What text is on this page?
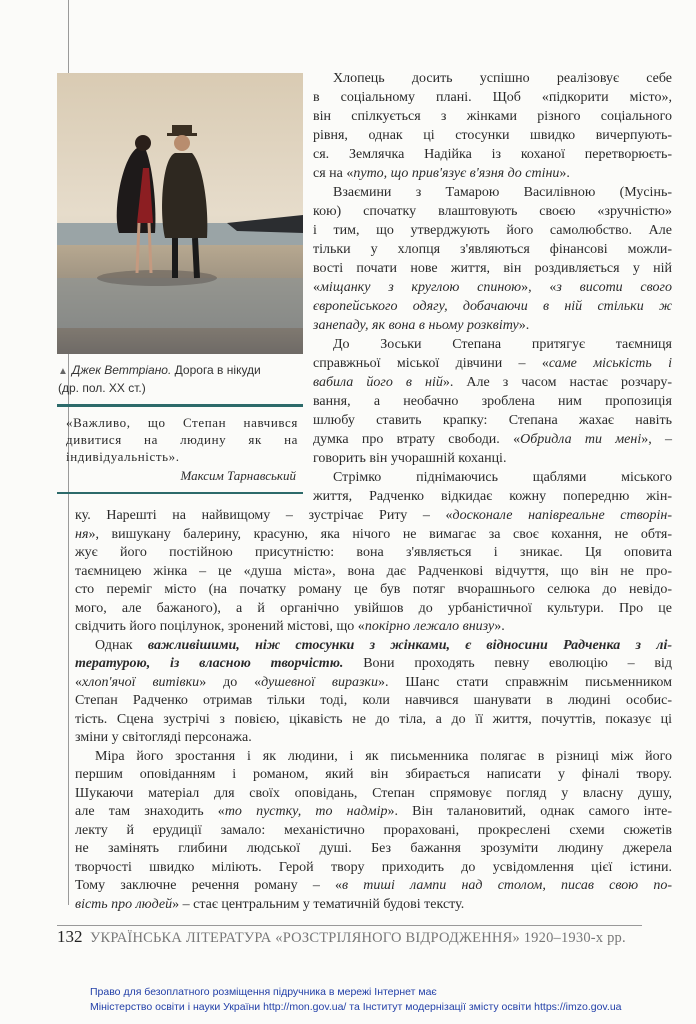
▲ Джек Веттріано. Дорога в нікуди
(др. пол. ХХ ст.)
«Важливо, що Степан навчився дивитися на людину як на індивідуальність».
Максим Тарнавський
Хлопець досить успішно реалізовує себе
в соціальному плані. Щоб «підкорити місто»,
він спілкується з жінками різного соціального
рівня, однак ці стосунки швидко вичерпують-
ся. Землячка Надійка із коханої перетворюєть-
ся на «путо, що прив'язує в'язня до стіни».
Взаємини з Тамарою Василівною (Мусінь-
кою) спочатку влаштовують своєю «зручністю»
і тим, що утверджують його самолюбство. Але
тільки у хлопця з'являються фінансові можли-
вості почати нове життя, він роздивляється у ній
«міщанку з круглою спиною», «з висоти свого
європейського одягу, добачаючи в ній стільки ж
занепаду, як вона в ньому розквіту».
До Зоськи Степана притягує таємниця
справжньої міської дівчини – «саме міськість і
вабила його в ній». Але з часом настає розчару-
вання, а необачно зроблена ним пропозиція
шлюбу ставить крапку: Степана жахає навіть
думка про втрату свободи. «Обридла ти мені», –
говорить він учорашній коханці.
Стрімко піднімаючись щаблями міського
життя, Радченко відкидає кожну попередню жін-
ку. Нарешті на найвищому – зустрічає Риту – «досконале напівреальне створін-
ня», вишукану балерину, красуню, яка нічого не вимагає за своє кохання, не обтя-
жує його постійною присутністю: вона з'являється і зникає. Ця оповита
таємницею жінка – це «душа міста», вона дає Радченкові відчуття, що він не про-
сто переміг місто (на початку роману це був потяг вчорашнього селюка до невідо-
мого, але бажаного), а й органічно увійшов до урбаністичної культури. Про це
свідчить його поцілунок, зронений містові, що «покірно лежало внизу».
Однак важливішими, ніж стосунки з жінками, є відносини Радченка з лі-
тературою, із власною творчістю. Вони проходять певну еволюцію – від
«хлоп'ячої витівки» до «душевної виразки». Шанс стати справжнім письменником
Степан Радченко отримав тільки тоді, коли навчився шанувати в людині особис-
тість. Сцена зустрічі з повією, цікавість не до тіла, а до її життя, почуттів, показує ці
зміни у світогляді персонажа.
Міра його зростання і як людини, і як письменника полягає в різниці між його
першим оповіданням і романом, який він збирається написати у фіналі твору.
Шукаючи матеріал для своїх оповідань, Степан спрямовує погляд у власну душу,
але там знаходить «то пустку, то надмір». Він талановитий, однак самого інте-
лекту й ерудиції замало: механістично прораховані, прокреслені схеми сюжетів
не замінять глибини людської душі. Без бажання зрозуміти людину джерела
творчості швидко міліють. Герой твору приходить до усвідомлення цієї істини.
Тому заключне речення роману – «в тиші лампи над столом, писав свою по-
вість про людей» – стає центральним у тематичній будові тексту.
132 УКРАЇНСЬКА ЛІТЕРАТУРА «РОЗСТРІЛЯНОГО ВІДРОДЖЕННЯ» 1920–1930-х рр.
Право для безоплатного розміщення підручника в мережі Інтернет має
Міністерство освіти і науки України http://mon.gov.ua/ та Інститут модернізації змісту освіти https://imzo.gov.ua
